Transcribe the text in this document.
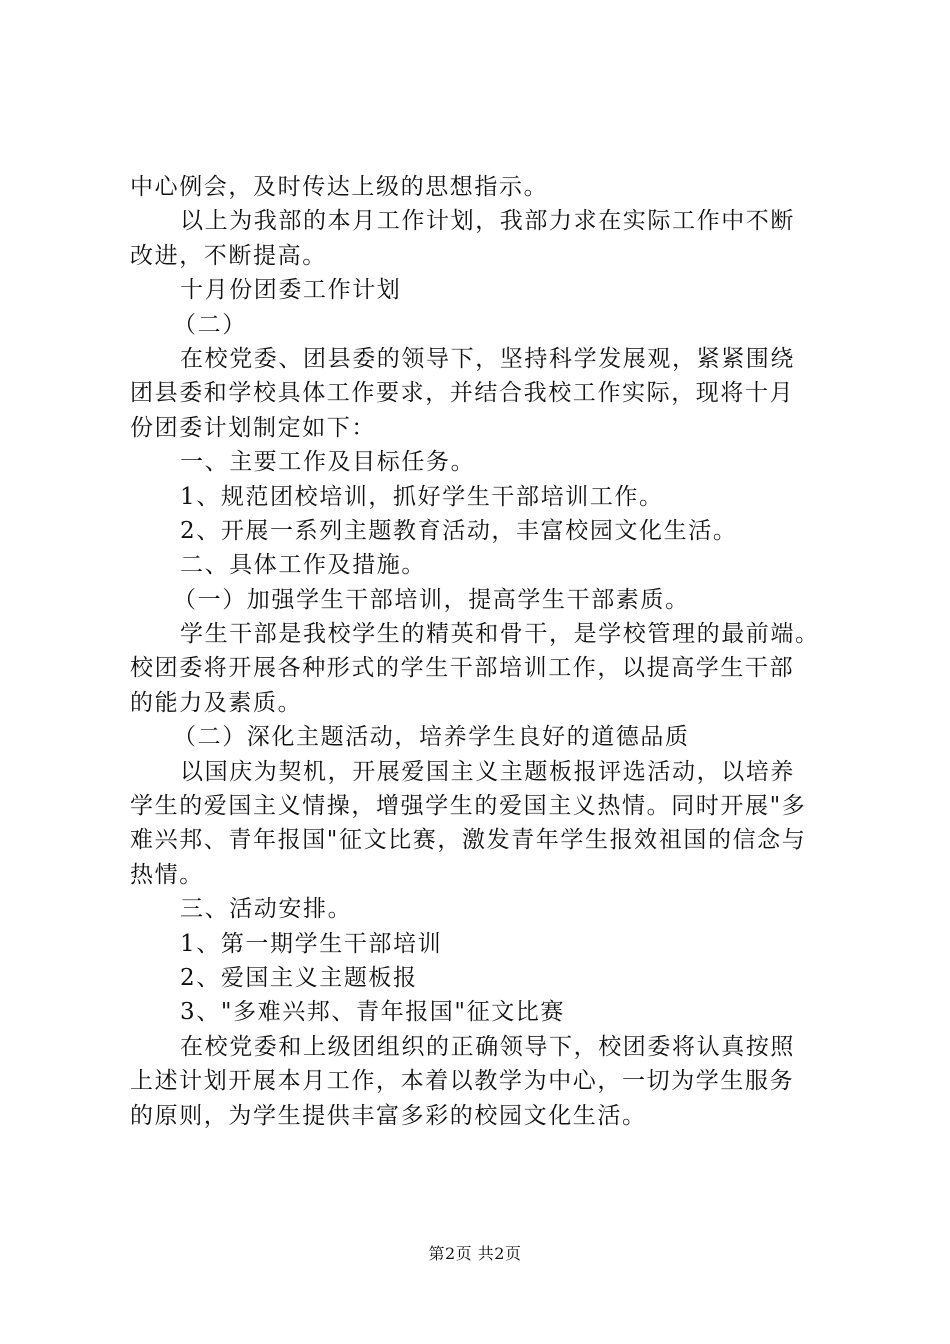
中心例会，及时传达上级的思想指示。
以上为我部的本月工作计划，我部力求在实际工作中不断
改进，不断提高。
十月份团委工作计划
（二）
在校党委、团县委的领导下，坚持科学发展观，紧紧围绕
团县委和学校具体工作要求，并结合我校工作实际，现将十月
份团委计划制定如下：
一、主要工作及目标任务。
1、规范团校培训，抓好学生干部培训工作。
2、开展一系列主题教育活动，丰富校园文化生活。
二、具体工作及措施。
（一）加强学生干部培训，提高学生干部素质。
学生干部是我校学生的精英和骨干，是学校管理的最前端。
校团委将开展各种形式的学生干部培训工作，以提高学生干部
的能力及素质。
（二）深化主题活动，培养学生良好的道德品质
以国庆为契机，开展爱国主义主题板报评选活动，以培养
学生的爱国主义情操，增强学生的爱国主义热情。同时开展"多
难兴邦、青年报国"征文比赛，激发青年学生报效祖国的信念与
热情。
三、活动安排。
1、第一期学生干部培训
2、爱国主义主题板报
3、"多难兴邦、青年报国"征文比赛
在校党委和上级团组织的正确领导下，校团委将认真按照
上述计划开展本月工作，本着以教学为中心，一切为学生服务
的原则，为学生提供丰富多彩的校园文化生活。
第2页 共2页
